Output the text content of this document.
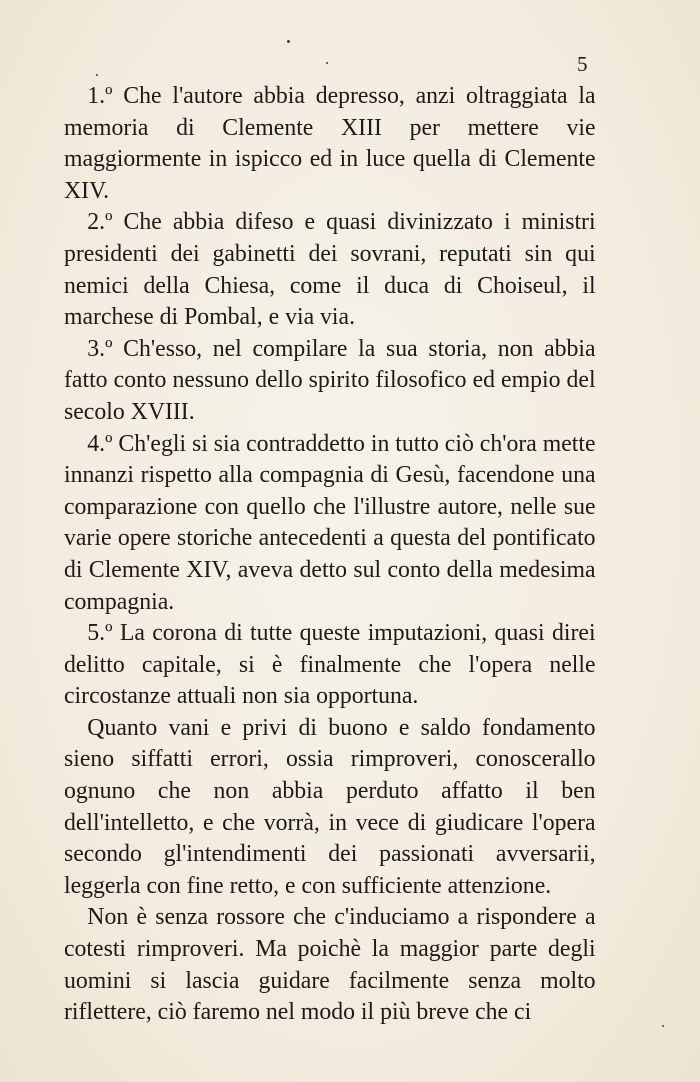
5

1.º Che l'autore abbia depresso, anzi oltraggiata la memoria di Clemente XIII per mettere vie maggiormente in ispicco ed in luce quella di Clemente XIV.

2.º Che abbia difeso e quasi divinizzato i ministri presidenti dei gabinetti dei sovrani, reputati sin qui nemici della Chiesa, come il duca di Choiseul, il marchese di Pombal, e via via.

3.º Ch'esso, nel compilare la sua storia, non abbia fatto conto nessuno dello spirito filosofico ed empio del secolo XVIII.

4.º Ch'egli si sia contraddetto in tutto ciò ch'ora mette innanzi rispetto alla compagnia di Gesù, facendone una comparazione con quello che l'illustre autore, nelle sue varie opere storiche antecedenti a questa del pontificato di Clemente XIV, aveva detto sul conto della medesima compagnia.

5.º La corona di tutte queste imputazioni, quasi direi delitto capitale, si è finalmente che l'opera nelle circostanze attuali non sia opportuna.

Quanto vani e privi di buono e saldo fondamento sieno siffatti errori, ossia rimproveri, conoscerallo ognuno che non abbia perduto affatto il ben dell'intelletto, e che vorrà, in vece di giudicare l'opera secondo gl'intendimenti dei passionati avversarii, leggerla con fine retto, e con sufficiente attenzione.

Non è senza rossore che c'induciamo a rispondere a cotesti rimproveri. Ma poichè la maggior parte degli uomini si lascia guidare facilmente senza molto riflettere, ciò faremo nel modo il più breve che ci
